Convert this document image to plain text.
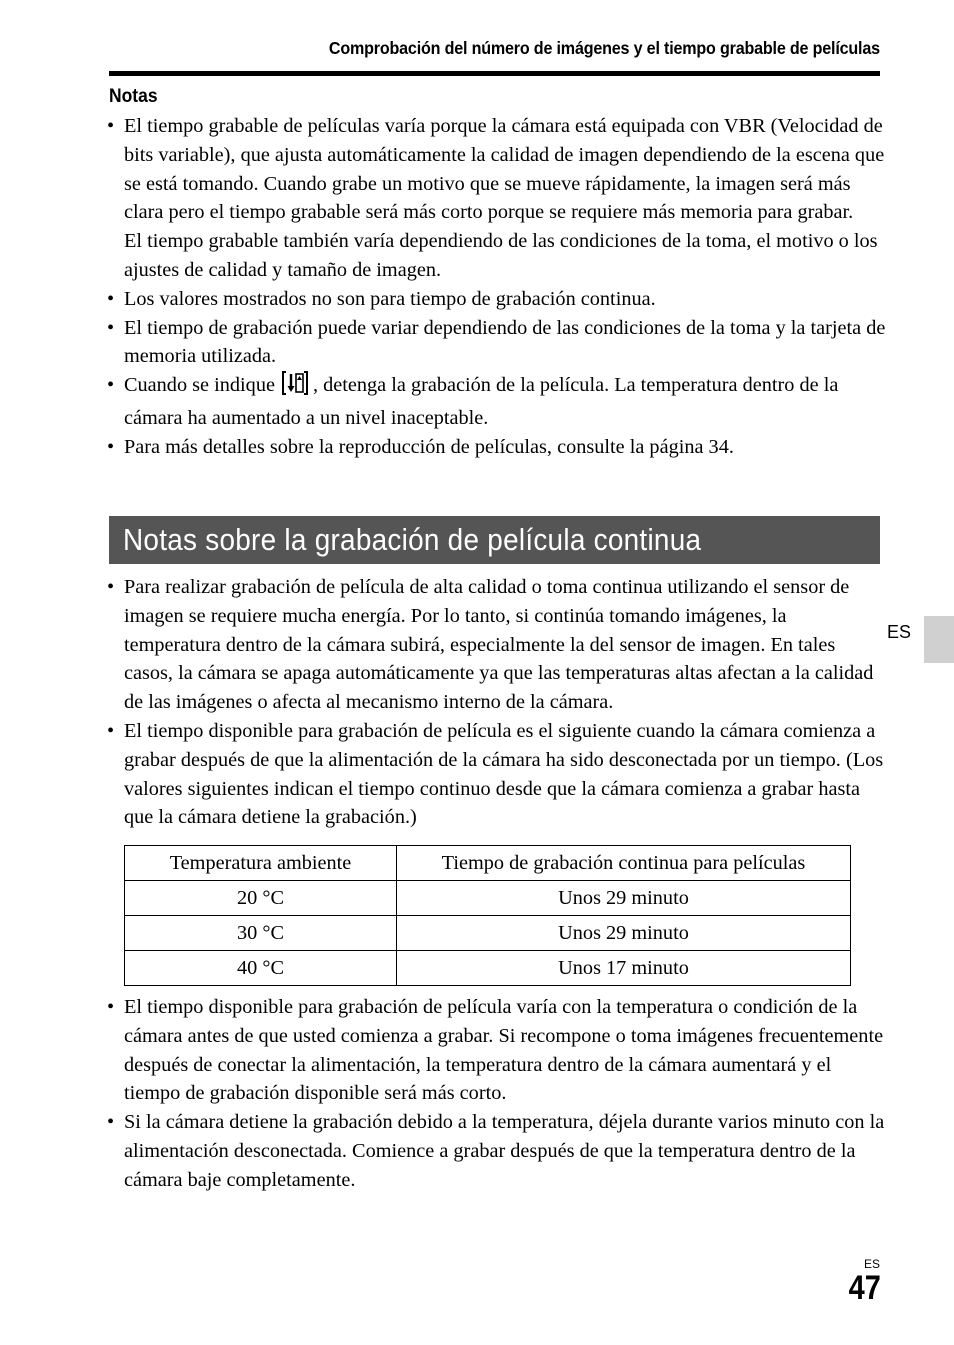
Comprobación del número de imágenes y el tiempo grabable de películas
Notas
• El tiempo grabable de películas varía porque la cámara está equipada con VBR (Velocidad de bits variable), que ajusta automáticamente la calidad de imagen dependiendo de la escena que se está tomando. Cuando grabe un motivo que se mueve rápidamente, la imagen será más clara pero el tiempo grabable será más corto porque se requiere más memoria para grabar.
El tiempo grabable también varía dependiendo de las condiciones de la toma, el motivo o los ajustes de calidad y tamaño de imagen.
• Los valores mostrados no son para tiempo de grabación continua.
• El tiempo de grabación puede variar dependiendo de las condiciones de la toma y la tarjeta de memoria utilizada.
• Cuando se indique , detenga la grabación de la película. La temperatura dentro de la cámara ha aumentado a un nivel inaceptable.
• Para más detalles sobre la reproducción de películas, consulte la página 34.
Notas sobre la grabación de película continua
• Para realizar grabación de película de alta calidad o toma continua utilizando el sensor de imagen se requiere mucha energía. Por lo tanto, si continúa tomando imágenes, la temperatura dentro de la cámara subirá, especialmente la del sensor de imagen. En tales casos, la cámara se apaga automáticamente ya que las temperaturas altas afectan a la calidad de las imágenes o afecta al mecanismo interno de la cámara.
• El tiempo disponible para grabación de película es el siguiente cuando la cámara comienza a grabar después de que la alimentación de la cámara ha sido desconectada por un tiempo. (Los valores siguientes indican el tiempo continuo desde que la cámara comienza a grabar hasta que la cámara detiene la grabación.)
Temperatura ambiente	Tiempo de grabación continua para películas
20 °C	Unos 29 minuto
30 °C	Unos 29 minuto
40 °C	Unos 17 minuto
• El tiempo disponible para grabación de película varía con la temperatura o condición de la cámara antes de que usted comienza a grabar. Si recompone o toma imágenes frecuentemente después de conectar la alimentación, la temperatura dentro de la cámara aumentará y el tiempo de grabación disponible será más corto.
• Si la cámara detiene la grabación debido a la temperatura, déjela durante varios minuto con la alimentación desconectada. Comience a grabar después de que la temperatura dentro de la cámara baje completamente.
ES
ES
47
